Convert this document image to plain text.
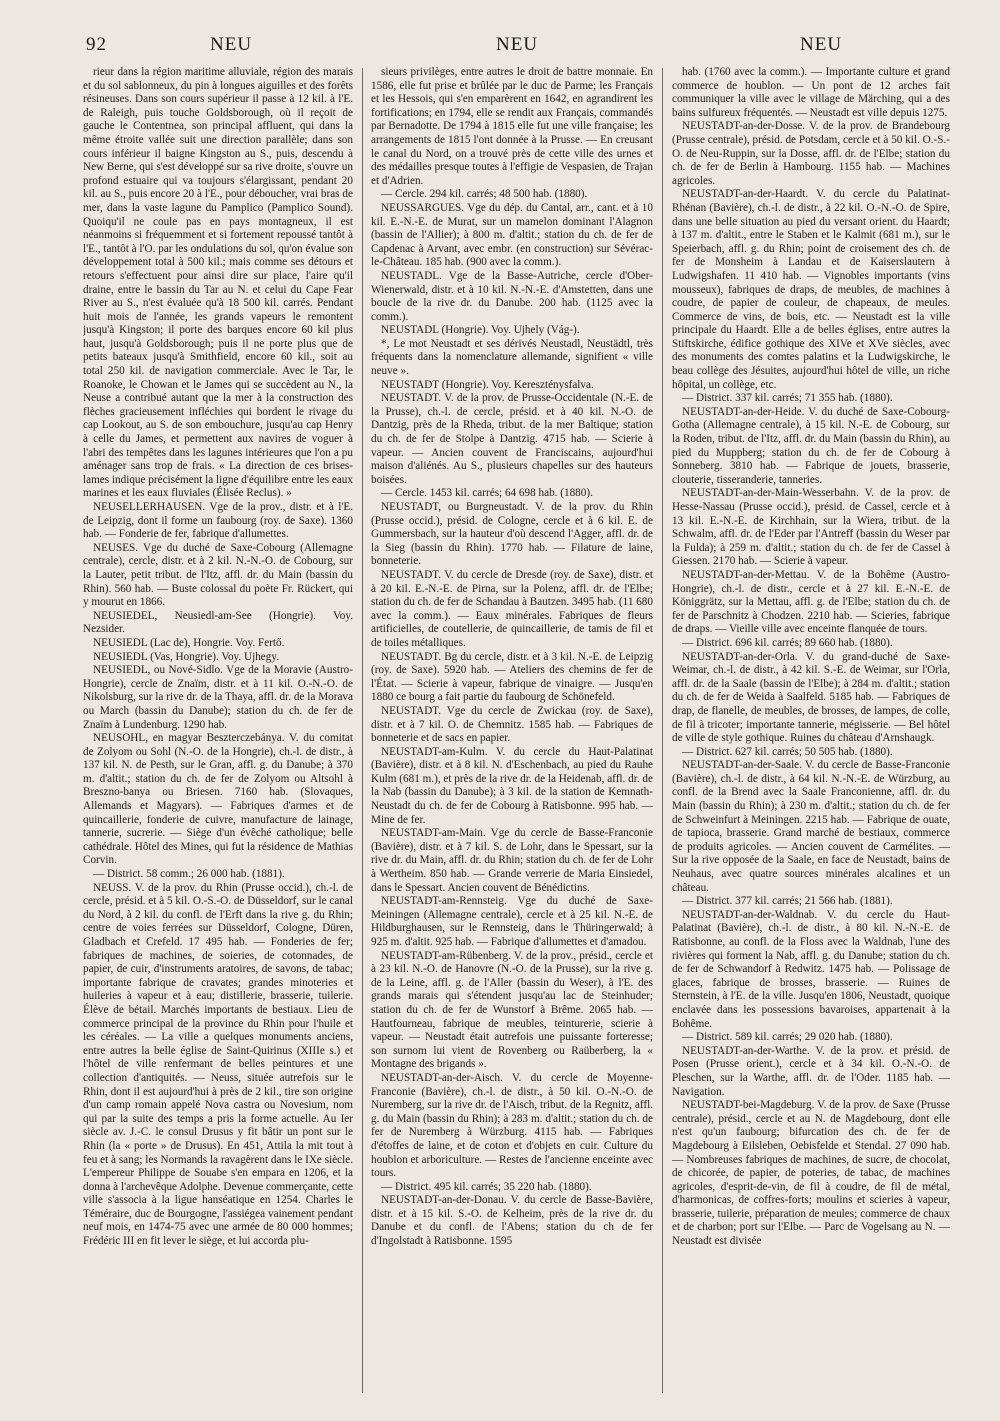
92	NEU	NEU	NEU

rieur dans la région maritime alluviale, région des marais et du sol sablonneux, du pin à longues aiguilles et des forêts résineuses. Dans son cours supérieur il passe à 12 kil. à l'E. de Raleigh, puis touche Goldsborough, où il reçoit de gauche le Contentnea, son principal affluent, qui dans la même étroite vallée suit une direction parallèle; dans son cours inférieur il baigne Kingston au S., puis, descendu à New Berne, qui s'est développé sur sa rive droite, s'ouvre un profond estuaire qui va toujours s'élargissant, pendant 20 kil. au S., puis encore 20 à l'E., pour déboucher, vrai bras de mer, dans la vaste lagune du Pamplico (Pamplico Sound). Quoiqu'il ne coule pas en pays montagneux, il est néanmoins si fréquemment et si fortement repoussé tantôt à l'E., tantôt à l'O. par les ondulations du sol, qu'on évalue son développement total à 500 kil.; mais comme ses détours et retours s'effectuent pour ainsi dire sur place, l'aire qu'il draine, entre le bassin du Tar au N. et celui du Cape Fear River au S., n'est évaluée qu'à 18 500 kil. carrés. Pendant huit mois de l'année, les grands vapeurs le remontent jusqu'à Kingston; il porte des barques encore 60 kil plus haut, jusqu'à Goldsborough; puis il ne porte plus que de petits bateaux jusqu'à Smithfield, encore 60 kil., soit au total 250 kil. de navigation commerciale. Avec le Tar, le Roanoke, le Chowan et le James qui se succèdent au N., la Neuse a contribué autant que la mer à la construction des flèches gracieusement infléchies qui bordent le rivage du cap Lookout, au S. de son embouchure, jusqu'au cap Henry à celle du James, et permettent aux navires de voguer à l'abri des tempêtes dans les lagunes intérieures que l'on a pu aménager sans trop de frais. « La direction de ces brises-lames indique précisément la ligne d'équilibre entre les eaux marines et les eaux fluviales (Élisée Reclus). »

NEUSELLERHAUSEN. Vge de la prov., distr. et à l'E. de Leipzig, dont il forme un faubourg (roy. de Saxe). 1360 hab. — Fonderie de fer, fabrique d'allumettes.

NEUSES. Vge du duché de Saxe-Cobourg (Allemagne centrale), cercle, distr. et à 2 kil. N.-N.-O. de Cobourg, sur la Lauter, petit tribut. de l'Itz, affl. dr. du Main (bassin du Rhin). 560 hab. — Buste colossal du poète Fr. Rückert, qui y mourut en 1866.

NEUSIEDEL, Neusiedl-am-See (Hongrie). Voy. Nezsider.

NEUSIEDL (Lac de), Hongrie. Voy. Fertő.

NEUSIEDL (Vas, Hongrie). Voy. Ujhegy.

NEUSIEDL, ou Nové-Sidlo. Vge de la Moravie (Austro-Hongrie), cercle de Znaïm, distr. et à 11 kil. O.-N.-O. de Nikolsburg, sur la rive dr. de la Thaya, affl. dr. de la Morava ou March (bassin du Danube); station du ch. de fer de Znaïm à Lundenburg. 1290 hab.

NEUSOHL, en magyar Beszterczebánya. V. du comitat de Zolyom ou Sohl (N.-O. de la Hongrie), ch.-l. de distr., à 137 kil. N. de Pesth, sur le Gran, affl. g. du Danube; à 370 m. d'altit.; station du ch. de fer de Zolyom ou Altsohl à Breszno-banya ou Briesen. 7160 hab. (Slovaques, Allemands et Magyars). — Fabriques d'armes et de quincaillerie, fonderie de cuivre, manufacture de lainage, tannerie, sucrerie. — Siège d'un évêché catholique; belle cathédrale. Hôtel des Mines, qui fut la résidence de Mathias Corvin.

— District. 58 comm.; 26 000 hab. (1881).

NEUSS. V. de la prov. du Rhin (Prusse occid.), ch.-l. de cercle, présid. et à 5 kil. O.-S.-O. de Düsseldorf, sur le canal du Nord, à 2 kil. du confl. de l'Erft dans la rive g. du Rhin; centre de voies ferrées sur Düsseldorf, Cologne, Düren, Gladbach et Crefeld. 17 495 hab. — Fonderies de fer; fabriques de machines, de soieries, de cotonnades, de papier, de cuir, d'instruments aratoires, de savons, de tabac; importante fabrique de cravates; grandes minoteries et huileries à vapeur et à eau; distillerie, brasserie, tuilerie. Élève de bétail. Marchés importants de bestiaux. Lieu de commerce principal de la province du Rhin pour l'huile et les céréales. — La ville a quelques monuments anciens, entre autres la belle église de Saint-Quirinus (XIIIe s.) et l'hôtel de ville renfermant de belles peintures et une collection d'antiquités. — Neuss, située autrefois sur le Rhin, dont il est aujourd'hui à près de 2 kil., tire son origine d'un camp romain appelé Nova castra ou Novesium, nom qui par la suite des temps a pris la forme actuelle. Au Ier siècle av. J.-C. le consul Drusus y fit bâtir un pont sur le Rhin (la « porte » de Drusus). En 451, Attila la mit tout à feu et à sang; les Normands la ravagèrent dans le IXe siècle. L'empereur Philippe de Souabe s'en empara en 1206, et la donna à l'archevêque Adolphe. Devenue commerçante, cette ville s'associa à la ligue hanséatique en 1254. Charles le Téméraire, duc de Bourgogne, l'assiégea vainement pendant neuf mois, en 1474-75 avec une armée de 80 000 hommes; Frédéric III en fit lever le siège, et lui accorda plu-

sieurs privilèges, entre autres le droit de battre monnaie. En 1586, elle fut prise et brûlée par le duc de Parme; les Français et les Hessois, qui s'en emparèrent en 1642, en agrandirent les fortifications; en 1794, elle se rendit aux Français, commandés par Bernadotte. De 1794 à 1815 elle fut une ville française; les arrangements de 1815 l'ont donnée à la Prusse. — En creusant le canal du Nord, on a trouvé près de cette ville des urnes et des médailles presque toutes à l'effigie de Vespasien, de Trajan et d'Adrien.

— Cercle. 294 kil. carrés; 48 500 hab. (1880).

NEUSSARGUES. Vge du dép. du Cantal, arr., cant. et à 10 kil. E.-N.-E. de Murat, sur un mamelon dominant l'Alagnon (bassin de l'Allier); à 800 m. d'altit.; station du ch. de fer de Capdenac à Arvant, avec embr. (en construction) sur Sévérac-le-Château. 185 hab. (900 avec la comm.).

NEUSTADL. Vge de la Basse-Autriche, cercle d'Ober-Wienerwald, distr. et à 10 kil. N.-N.-E. d'Amstetten, dans une boucle de la rive dr. du Danube. 200 hab. (1125 avec la comm.).

NEUSTADL (Hongrie). Voy. Ujhely (Vág-).

*, Le mot Neustadt et ses dérivés Neustadl, Neustädtl, très fréquents dans la nomenclature allemande, signifient « ville neuve ».

NEUSTADT (Hongrie). Voy. Kereszténysfalva.

NEUSTADT. V. de la prov. de Prusse-Occidentale (N.-E. de la Prusse), ch.-l. de cercle, présid. et à 40 kil. N.-O. de Dantzig, près de la Rheda, tribut. de la mer Baltique; station du ch. de fer de Stolpe à Dantzig. 4715 hab. — Scierie à vapeur. — Ancien couvent de Franciscains, aujourd'hui maison d'aliénés. Au S., plusieurs chapelles sur des hauteurs boisées.

— Cercle. 1453 kil. carrés; 64 698 hab. (1880).

NEUSTADT, ou Burgneustadt. V. de la prov. du Rhin (Prusse occid.), présid. de Cologne, cercle et à 6 kil. E. de Gummersbach, sur la hauteur d'où descend l'Agger, affl. dr. de la Sieg (bassin du Rhin). 1770 hab. — Filature de laine, bonneterie.

NEUSTADT. V. du cercle de Dresde (roy. de Saxe), distr. et à 20 kil. E.-N.-E. de Pirna, sur la Polenz, affl. dr. de l'Elbe; station du ch. de fer de Schandau à Bautzen. 3495 hab. (11 680 avec la comm.). — Eaux minérales. Fabriques de fleurs artificielles, de coutellerie, de quincaillerie, de tamis de fil et de toiles métalliques.

NEUSTADT. Bg du cercle, distr. et à 3 kil. N.-E. de Leipzig (roy. de Saxe). 5920 hab. — Ateliers des chemins de fer de l'État. — Scierie à vapeur, fabrique de vinaigre. — Jusqu'en 1880 ce bourg a fait partie du faubourg de Schönefeld.

NEUSTADT. Vge du cercle de Zwickau (roy. de Saxe), distr. et à 7 kil. O. de Chemnitz. 1585 hab. — Fabriques de bonneterie et de sacs en papier.

NEUSTADT-am-Kulm. V. du cercle du Haut-Palatinat (Bavière), distr. et à 8 kil. N. d'Eschenbach, au pied du Rauhe Kulm (681 m.), et près de la rive dr. de la Heidenab, affl. dr. de la Nab (bassin du Danube); à 3 kil. de la station de Kemnath-Neustadt du ch. de fer de Cobourg à Ratisbonne. 995 hab. — Mine de fer.

NEUSTADT-am-Main. Vge du cercle de Basse-Franconie (Bavière), distr. et à 7 kil. S. de Lohr, dans le Spessart, sur la rive dr. du Main, affl. dr. du Rhin; station du ch. de fer de Lohr à Wertheim. 850 hab. — Grande verrerie de Maria Einsiedel, dans le Spessart. Ancien couvent de Bénédictins.

NEUSTADT-am-Rennsteig. Vge du duché de Saxe-Meiningen (Allemagne centrale), cercle et à 25 kil. N.-E. de Hildburghausen, sur le Rennsteig, dans le Thüringerwald; à 925 m. d'altit. 925 hab. — Fabrique d'allumettes et d'amadou.

NEUSTADT-am-Rübenberg. V. de la prov., présid., cercle et à 23 kil. N.-O. de Hanovre (N.-O. de la Prusse), sur la rive g. de la Leine, affl. g. de l'Aller (bassin du Weser), à l'E. des grands marais qui s'étendent jusqu'au lac de Steinhuder; station du ch. de fer de Wunstorf à Brême. 2065 hab. — Hautfourneau, fabrique de meubles, teinturerie, scierie à vapeur. — Neustadt était autrefois une puissante forteresse; son surnom lui vient de Rovenberg ou Raüberberg, la « Montagne des brigands ».

NEUSTADT-an-der-Aisch. V. du cercle de Moyenne-Franconie (Bavière), ch.-l. de distr., à 50 kil. O.-N.-O. de Nuremberg, sur la rive dr. de l'Aisch, tribut. de la Regnitz, affl. g. du Main (bassin du Rhin); à 283 m. d'altit.; station du ch. de fer de Nuremberg à Würzburg. 4115 hab. — Fabriques d'étoffes de laine, et de coton et d'objets en cuir. Culture du houblon et arboriculture. — Restes de l'ancienne enceinte avec tours.

— District. 495 kil. carrés; 35 220 hab. (1880).

NEUSTADT-an-der-Donau. V. du cercle de Basse-Bavière, distr. et à 15 kil. S.-O. de Kelheim, près de la rive dr. du Danube et du confl. de l'Abens; station du ch de fer d'Ingolstadt à Ratisbonne. 1595

hab. (1760 avec la comm.). — Importante culture et grand commerce de houblon. — Un pont de 12 arches fait communiquer la ville avec le village de Märching, qui a des bains sulfureux fréquentés. — Neustadt est ville depuis 1275.

NEUSTADT-an-der-Dosse. V. de la prov. de Brandebourg (Prusse centrale), présid. de Potsdam, cercle et à 50 kil. O.-S.-O. de Neu-Ruppin, sur la Dosse, affl. dr. de l'Elbe; station du ch. de fer de Berlin à Hambourg. 1155 hab. — Machines agricoles.

NEUSTADT-an-der-Haardt. V. du cercle du Palatinat-Rhénan (Bavière), ch.-l. de distr., à 22 kil. O.-N.-O. de Spire, dans une belle situation au pied du versant orient. du Haardt; à 137 m. d'altit., entre le Staben et le Kalmit (681 m.), sur le Speierbach, affl. g. du Rhin; point de croisement des ch. de fer de Monsheim à Landau et de Kaiserslautern à Ludwigshafen. 11 410 hab. — Vignobles importants (vins mousseux), fabriques de draps, de meubles, de machines à coudre, de papier de couleur, de chapeaux, de meules. Commerce de vins, de bois, etc. — Neustadt est la ville principale du Haardt. Elle a de belles églises, entre autres la Stiftskirche, édifice gothique des XIVe et XVe siècles, avec des monuments des comtes palatins et la Ludwigskirche, le beau collège des Jésuites, aujourd'hui hôtel de ville, un riche hôpital, un collège, etc.

— District. 337 kil. carrés; 71 355 hab. (1880).

NEUSTADT-an-der-Heide. V. du duché de Saxe-Cobourg-Gotha (Allemagne centrale), à 15 kil. N.-E. de Cobourg, sur la Roden, tribut. de l'Itz, affl. dr. du Main (bassin du Rhin), au pied du Muppberg; station du ch. de fer de Cobourg à Sonneberg. 3810 hab. — Fabrique de jouets, brasserie, clouterie, tisseranderie, tanneries.

NEUSTADT-an-der-Main-Wesserbahn. V. de la prov. de Hesse-Nassau (Prusse occid.), présid. de Cassel, cercle et à 13 kil. E.-N.-E. de Kirchhain, sur la Wiera, tribut. de la Schwalm, affl. dr. de l'Eder par l'Antreff (bassin du Weser par la Fulda); à 259 m. d'altit.; station du ch. de fer de Cassel à Giessen. 2170 hab. — Scierie à vapeur.

NEUSTADT-an-der-Mettau. V. de la Bohême (Austro-Hongrie), ch.-l. de distr., cercle et à 27 kil. E.-N.-E. de Königgrätz, sur la Mettau, affl. g. de l'Elbe; station du ch. de fer de Parschnitz à Chodzen. 2210 hab. — Scieries, fabrique de draps. — Vieille ville avec enceinte flanquée de tours.

— District. 696 kil. carrés; 89 660 hab. (1880).

NEUSTADT-an-der-Orla. V. du grand-duché de Saxe-Weimar, ch.-l. de distr., à 42 kil. S.-E. de Weimar, sur l'Orla, affl. dr. de la Saale (bassin de l'Elbe); à 284 m. d'altit.; station du ch. de fer de Weida à Saalfeld. 5185 hab. — Fabriques de drap, de flanelle, de meubles, de brosses, de lampes, de colle, de fil à tricoter; importante tannerie, mégisserie. — Bel hôtel de ville de style gothique. Ruines du château d'Arnshaugk.

— District. 627 kil. carrés; 50 505 hab. (1880).

NEUSTADT-an-der-Saale. V. du cercle de Basse-Franconie (Bavière), ch.-l. de distr., à 64 kil. N.-N.-E. de Würzburg, au confl. de la Brend avec la Saale Franconienne, affl. dr. du Main (bassin du Rhin); à 230 m. d'altit.; station du ch. de fer de Schweinfurt à Meiningen. 2215 hab. — Fabrique de ouate, de tapioca, brasserie. Grand marché de bestiaux, commerce de produits agricoles. — Ancien couvent de Carmélites. — Sur la rive opposée de la Saale, en face de Neustadt, bains de Neuhaus, avec quatre sources minérales alcalines et un château.

— District. 377 kil. carrés; 21 566 hab. (1881).

NEUSTADT-an-der-Waldnab. V. du cercle du Haut-Palatinat (Bavière), ch.-l. de distr., à 80 kil. N.-N.-E. de Ratisbonne, au confl. de la Floss avec la Waldnab, l'une des rivières qui forment la Nab, affl. g. du Danube; station du ch. de fer de Schwandorf à Redwitz. 1475 hab. — Polissage de glaces, fabrique de brosses, brasserie. — Ruines de Sternstein, à l'E. de la ville. Jusqu'en 1806, Neustadt, quoique enclavée dans les possessions bavaroises, appartenait à la Bohême.

— District. 589 kil. carrés; 29 020 hab. (1880).

NEUSTADT-an-der-Warthe. V. de la prov. et présid. de Posen (Prusse orient.), cercle et à 34 kil. O.-N.-O. de Pleschen, sur la Warthe, affl. dr. de l'Oder. 1185 hab. — Navigation.

NEUSTADT-bei-Magdeburg. V. de la prov. de Saxe (Prusse centrale), présid., cercle et au N. de Magdebourg, dont elle n'est qu'un faubourg; bifurcation des ch. de fer de Magdebourg à Eilsleben, Oebisfelde et Stendal. 27 090 hab. — Nombreuses fabriques de machines, de sucre, de chocolat, de chicorée, de papier, de poteries, de tabac, de machines agricoles, d'esprit-de-vin, de fil à coudre, de fil de métal, d'harmonicas, de coffres-forts; moulins et scieries à vapeur, brasserie, tuilerie, préparation de meules; commerce de chaux et de charbon; port sur l'Elbe. — Parc de Vogelsang au N. — Neustadt est divisée
